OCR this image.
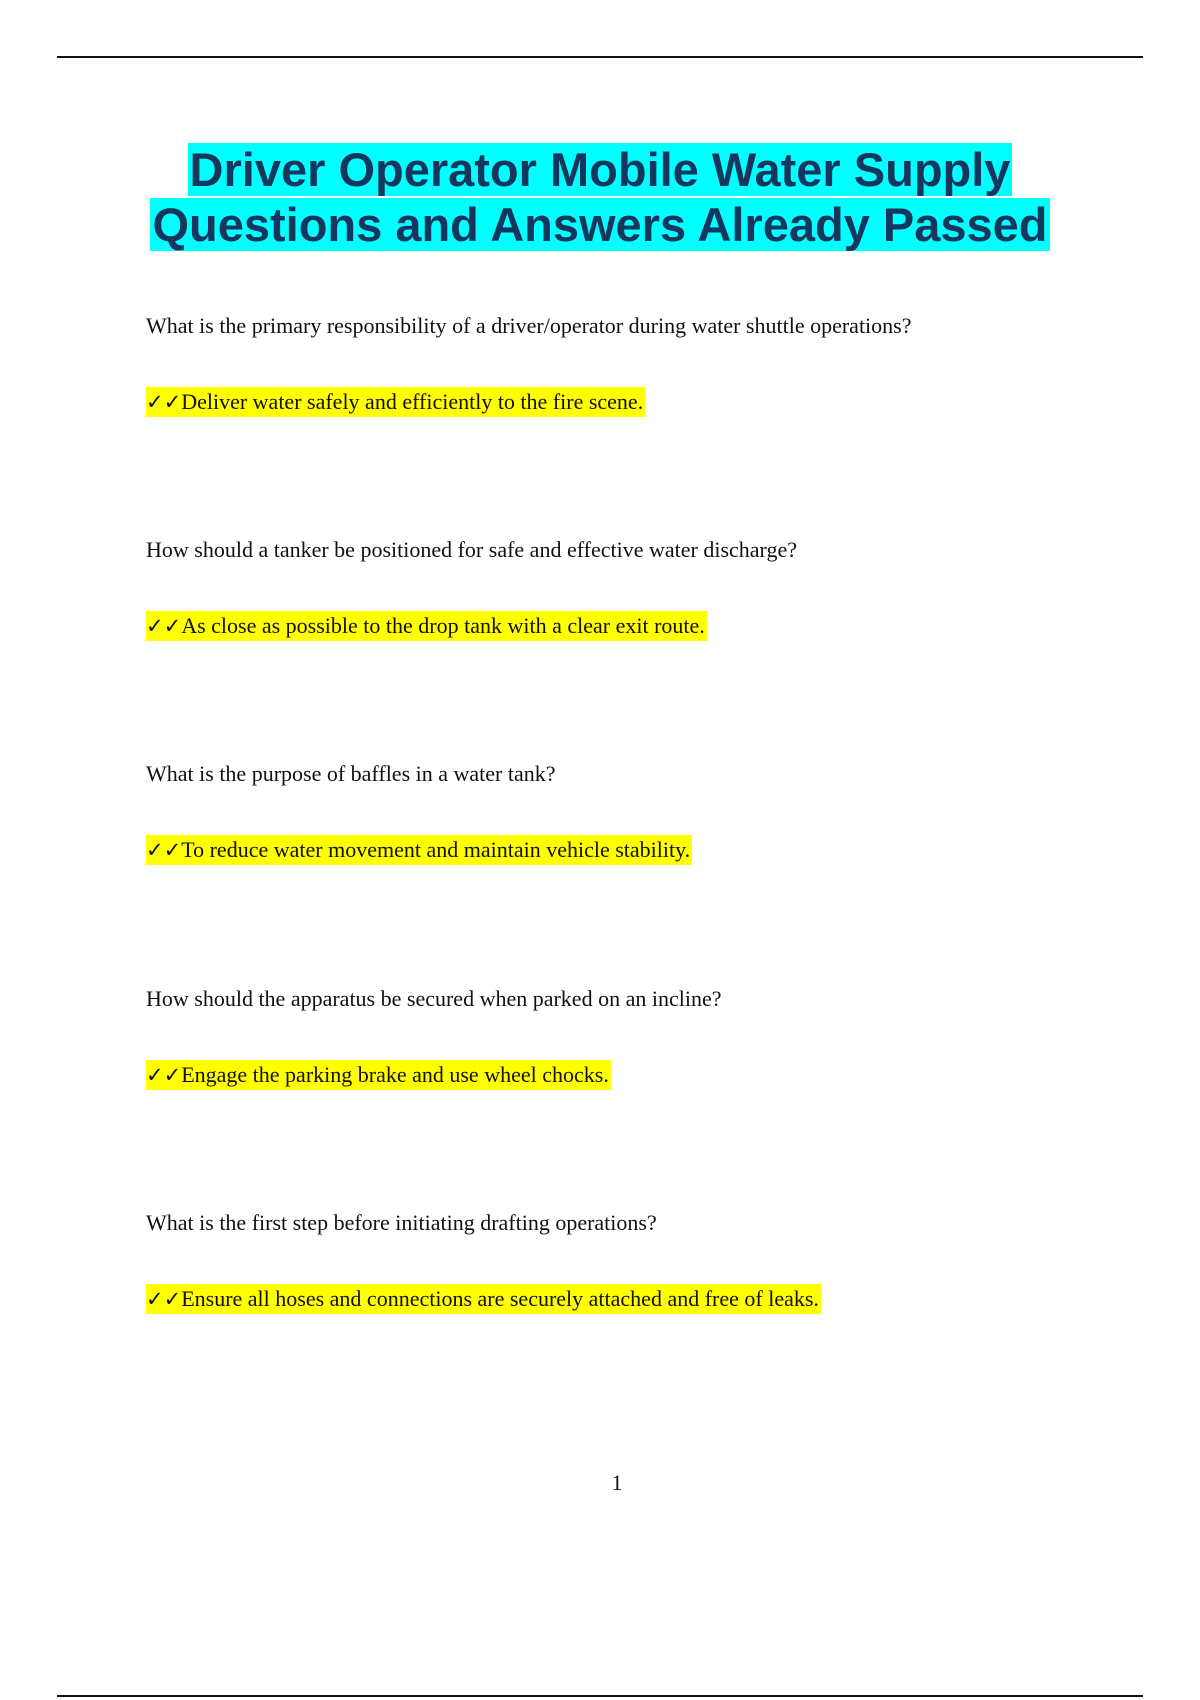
Driver Operator Mobile Water Supply
Questions and Answers Already Passed
What is the primary responsibility of a driver/operator during water shuttle operations?
✓✓Deliver water safely and efficiently to the fire scene.
How should a tanker be positioned for safe and effective water discharge?
✓✓As close as possible to the drop tank with a clear exit route.
What is the purpose of baffles in a water tank?
✓✓To reduce water movement and maintain vehicle stability.
How should the apparatus be secured when parked on an incline?
✓✓Engage the parking brake and use wheel chocks.
What is the first step before initiating drafting operations?
✓✓Ensure all hoses and connections are securely attached and free of leaks.
1
